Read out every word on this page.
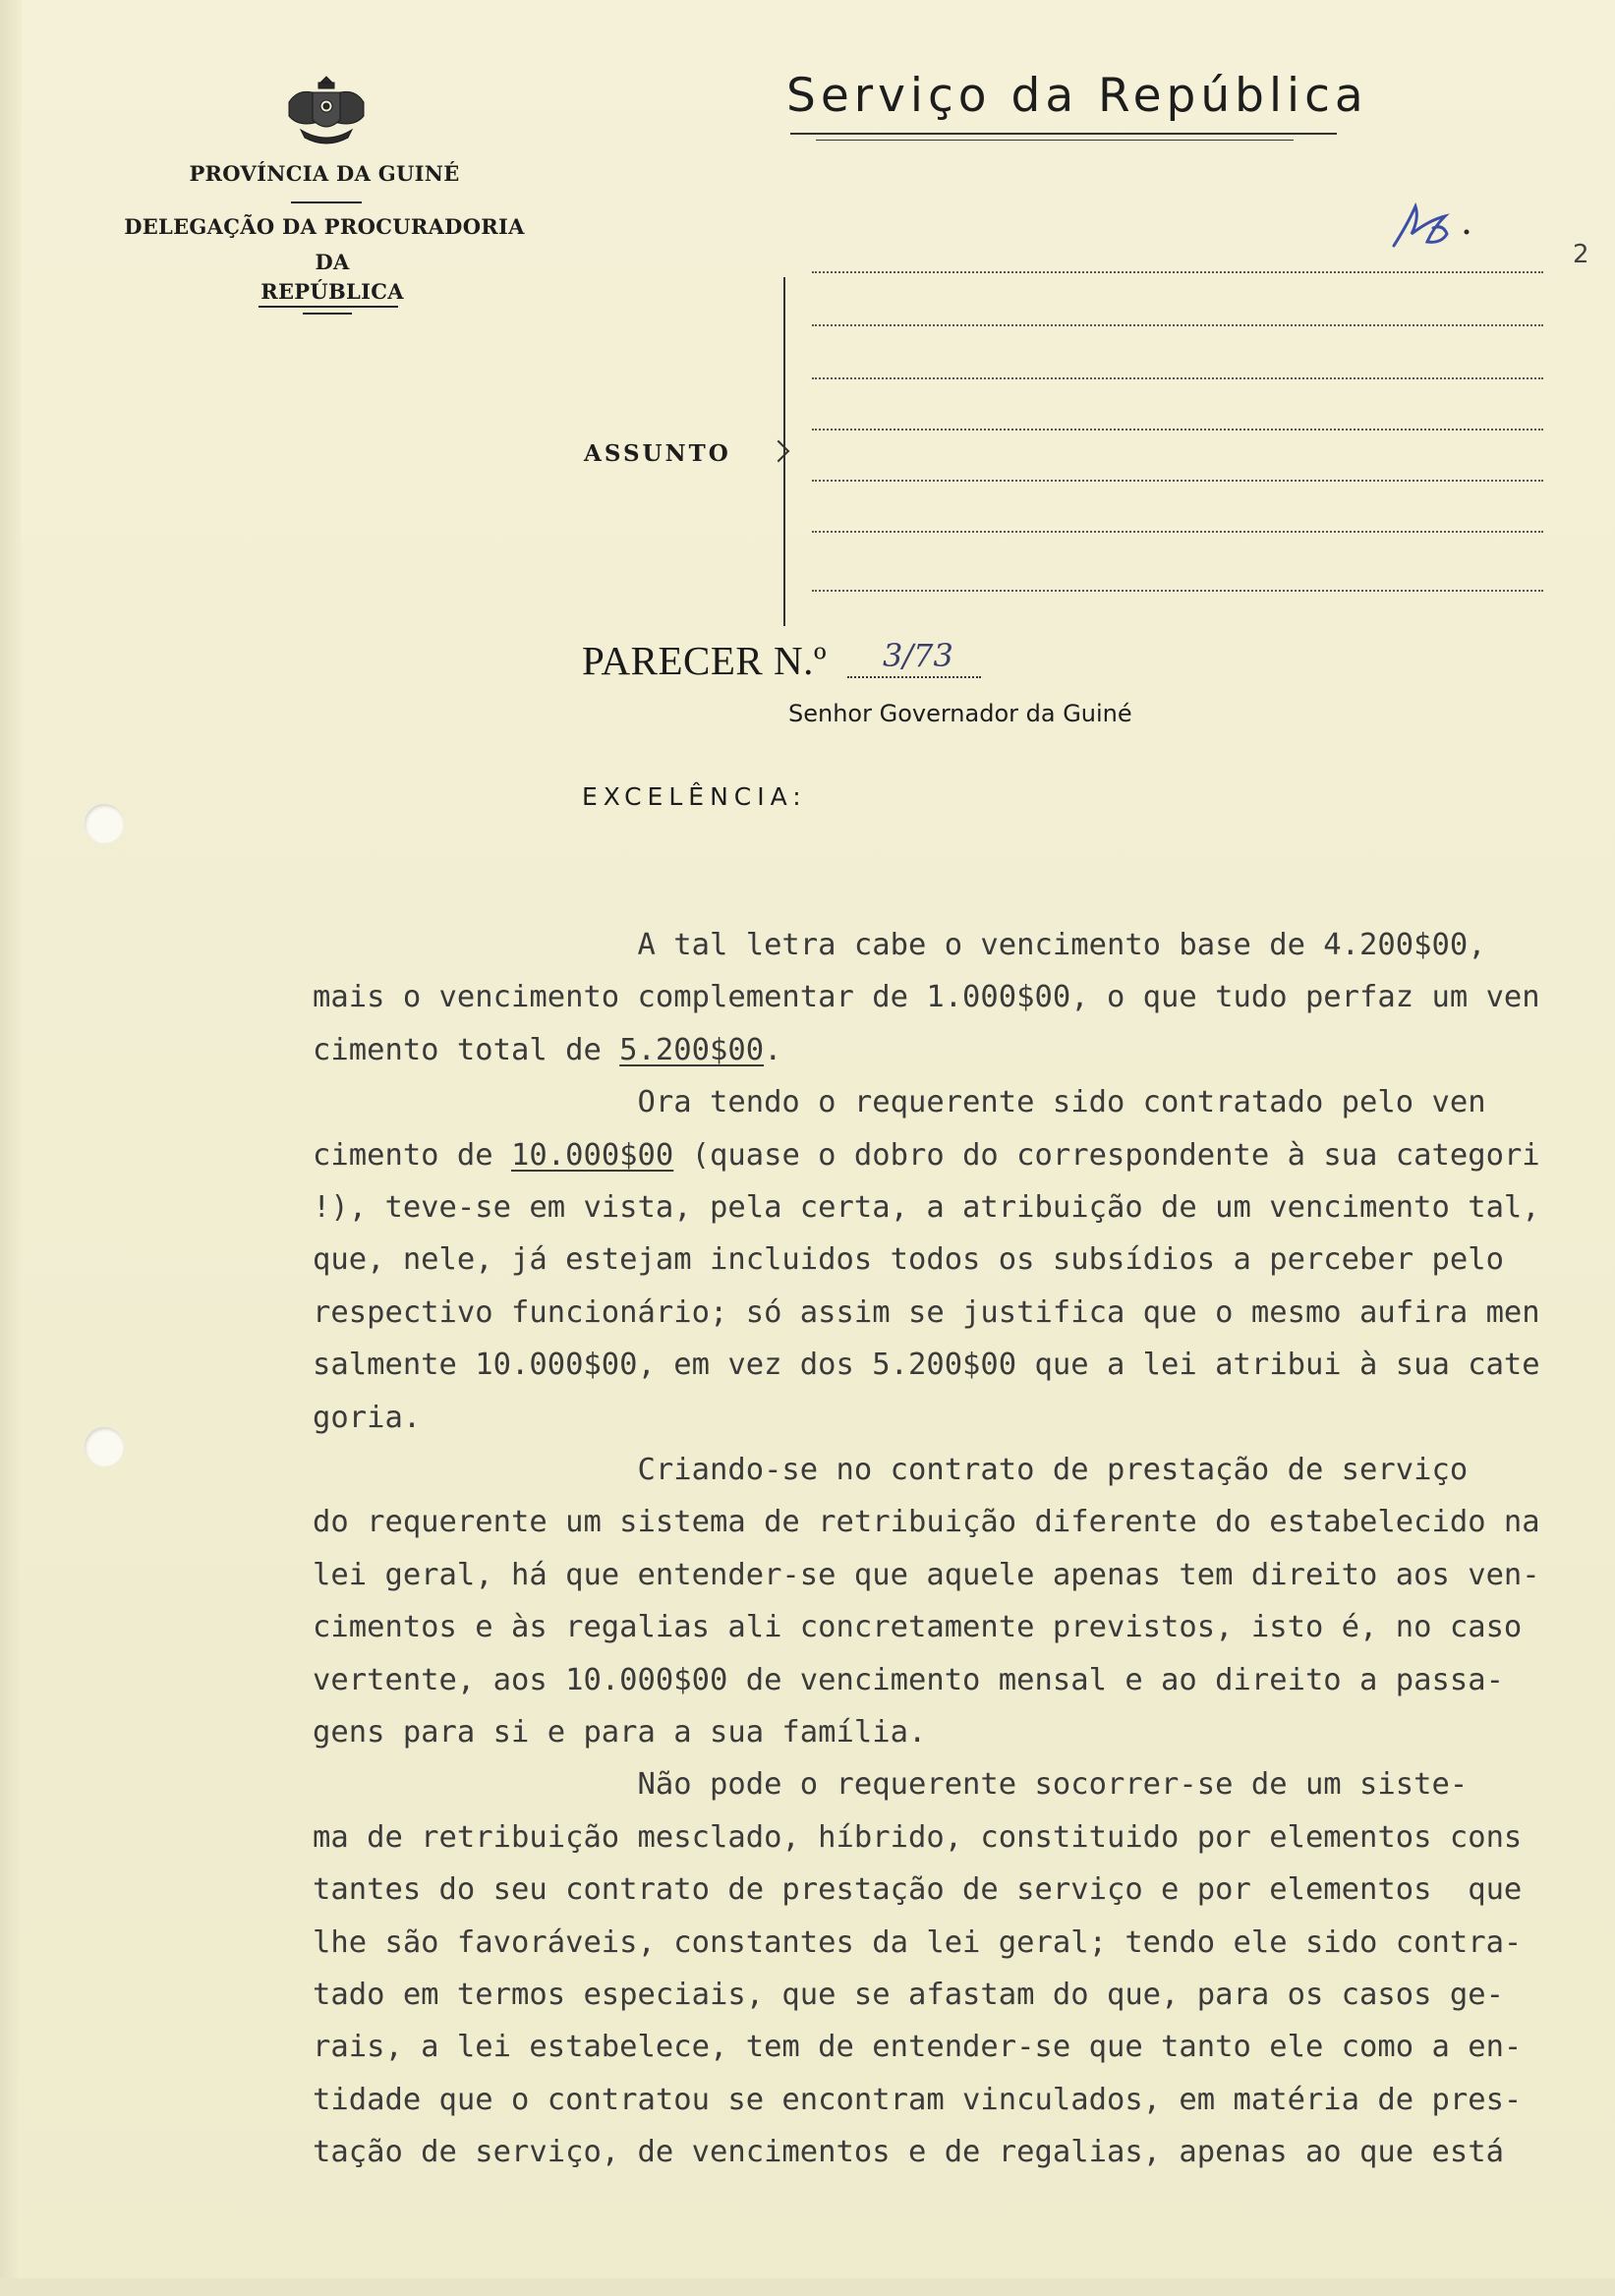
PROVÍNCIA DA GUINÉ
DELEGAÇÃO DA PROCURADORIA
DA
REPÚBLICA
Serviço da República
2
ASSUNTO
PARECER N.º 3/73
Senhor Governador da Guiné
EXCELÊNCIA:
A tal letra cabe o vencimento base de 4.200$00,
mais o vencimento complementar de 1.000$00, o que tudo perfaz um ven
cimento total de 5.200$00.
Ora tendo o requerente sido contratado pelo ven
cimento de 10.000$00 (quase o dobro do correspondente à sua categori
!), teve-se em vista, pela certa, a atribuição de um vencimento tal,
que, nele, já estejam incluidos todos os subsídios a perceber pelo
respectivo funcionário; só assim se justifica que o mesmo aufira men
salmente 10.000$00, em vez dos 5.200$00 que a lei atribui à sua cate
goria.
Criando-se no contrato de prestação de serviço
do requerente um sistema de retribuição diferente do estabelecido na
lei geral, há que entender-se que aquele apenas tem direito aos ven-
cimentos e às regalias ali concretamente previstos, isto é, no caso
vertente, aos 10.000$00 de vencimento mensal e ao direito a passa-
gens para si e para a sua família.
Não pode o requerente socorrer-se de um siste-
ma de retribuição mesclado, híbrido, constituido por elementos cons
tantes do seu contrato de prestação de serviço e por elementos  que
lhe são favoráveis, constantes da lei geral; tendo ele sido contra-
tado em termos especiais, que se afastam do que, para os casos ge-
rais, a lei estabelece, tem de entender-se que tanto ele como a en-
tidade que o contratou se encontram vinculados, em matéria de pres-
tação de serviço, de vencimentos e de regalias, apenas ao que está
